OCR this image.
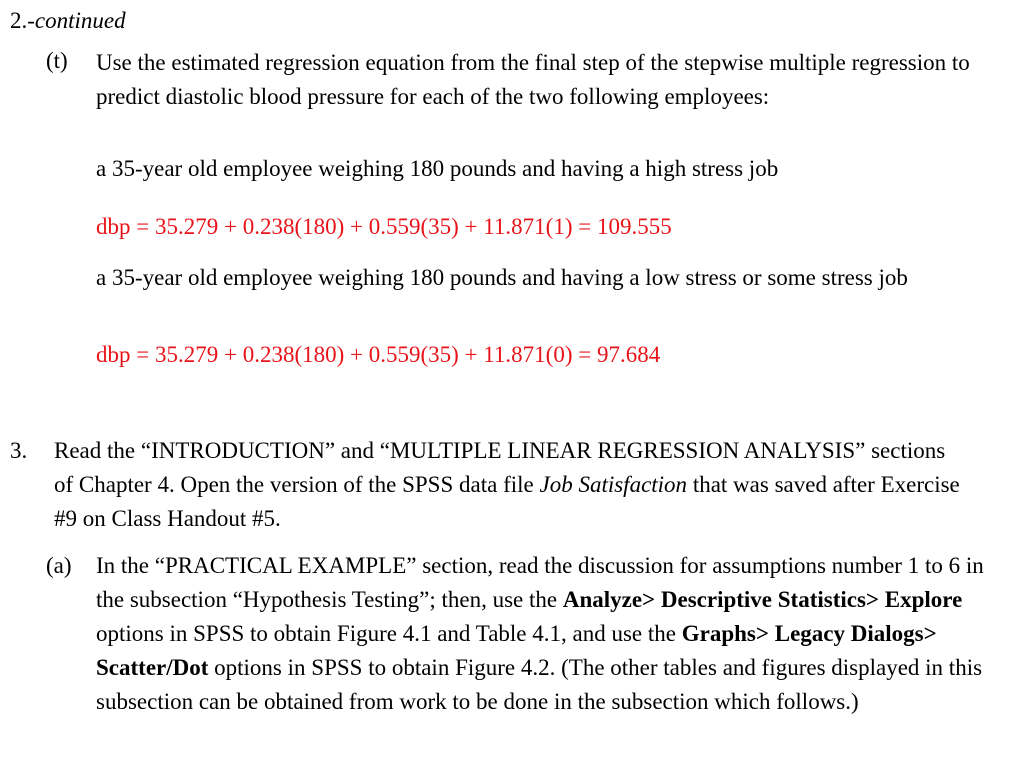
2.-continued
(t) Use the estimated regression equation from the final step of the stepwise multiple regression to predict diastolic blood pressure for each of the two following employees:

a 35-year old employee weighing 180 pounds and having a high stress job

dbp = 35.279 + 0.238(180) + 0.559(35) + 11.871(1) = 109.555

a 35-year old employee weighing 180 pounds and having a low stress or some stress job

dbp = 35.279 + 0.238(180) + 0.559(35) + 11.871(0) = 97.684

3. Read the “INTRODUCTION” and “MULTIPLE LINEAR REGRESSION ANALYSIS” sections of Chapter 4. Open the version of the SPSS data file Job Satisfaction that was saved after Exercise #9 on Class Handout #5.

(a) In the “PRACTICAL EXAMPLE” section, read the discussion for assumptions number 1 to 6 in the subsection “Hypothesis Testing”; then, use the Analyze> Descriptive Statistics> Explore options in SPSS to obtain Figure 4.1 and Table 4.1, and use the Graphs> Legacy Dialogs> Scatter/Dot options in SPSS to obtain Figure 4.2. (The other tables and figures displayed in this subsection can be obtained from work to be done in the subsection which follows.)
